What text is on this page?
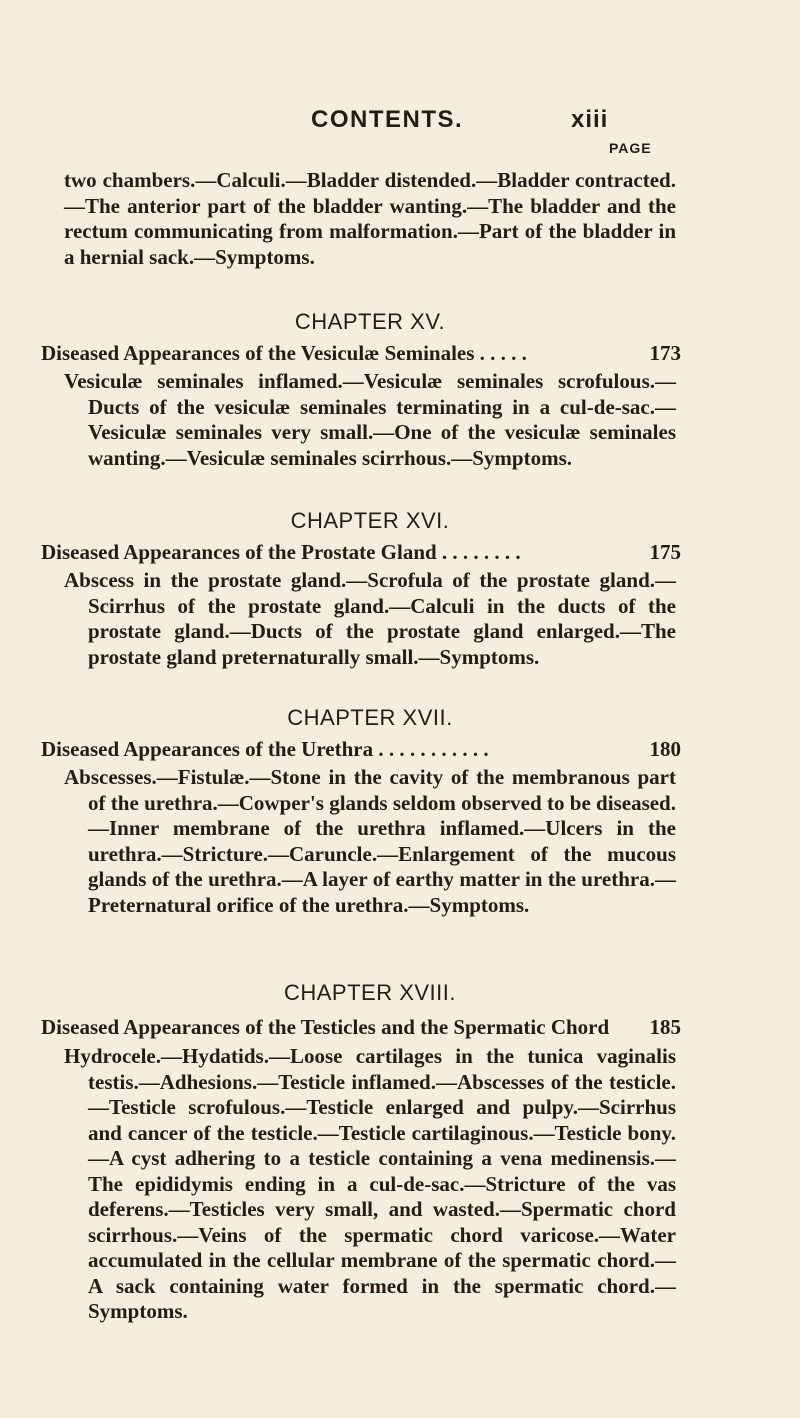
CONTENTS.	xiii
PAGE

two chambers.—Calculi.—Bladder distended.—Bladder contracted.—The anterior part of the bladder wanting.—The bladder and the rectum communicating from malformation.—Part of the bladder in a hernial sack.—Symptoms.

CHAPTER XV.
Diseased Appearances of the Vesiculæ Seminales . . . . .	173

Vesiculæ seminales inflamed.—Vesiculæ seminales scrofulous.—Ducts of the vesiculæ seminales terminating in a cul-de-sac.—Vesiculæ seminales very small.—One of the vesiculæ seminales wanting.—Vesiculæ seminales scirrhous.—Symptoms.

CHAPTER XVI.
Diseased Appearances of the Prostate Gland . . . . . . . .	175

Abscess in the prostate gland.—Scrofula of the prostate gland.—Scirrhus of the prostate gland.—Calculi in the ducts of the prostate gland.—Ducts of the prostate gland enlarged.—The prostate gland preternaturally small.—Symptoms.

CHAPTER XVII.
Diseased Appearances of the Urethra . . . . . . . . . . .	180

Abscesses.—Fistulæ.—Stone in the cavity of the membranous part of the urethra.—Cowper's glands seldom observed to be diseased.—Inner membrane of the urethra inflamed.—Ulcers in the urethra.—Stricture.—Caruncle.—Enlargement of the mucous glands of the urethra.—A layer of earthy matter in the urethra.—Preternatural orifice of the urethra.—Symptoms.

CHAPTER XVIII.
Diseased Appearances of the Testicles and the Spermatic Chord 185

Hydrocele.—Hydatids.—Loose cartilages in the tunica vaginalis testis.—Adhesions.—Testicle inflamed.—Abscesses of the testicle.—Testicle scrofulous.—Testicle enlarged and pulpy.—Scirrhus and cancer of the testicle.—Testicle cartilaginous.—Testicle bony.—A cyst adhering to a testicle containing a vena medinensis.—The epididymis ending in a cul-de-sac.—Stricture of the vas deferens.—Testicles very small, and wasted.—Spermatic chord scirrhous.—Veins of the spermatic chord varicose.—Water accumulated in the cellular membrane of the spermatic chord.—A sack containing water formed in the spermatic chord.—Symptoms.
